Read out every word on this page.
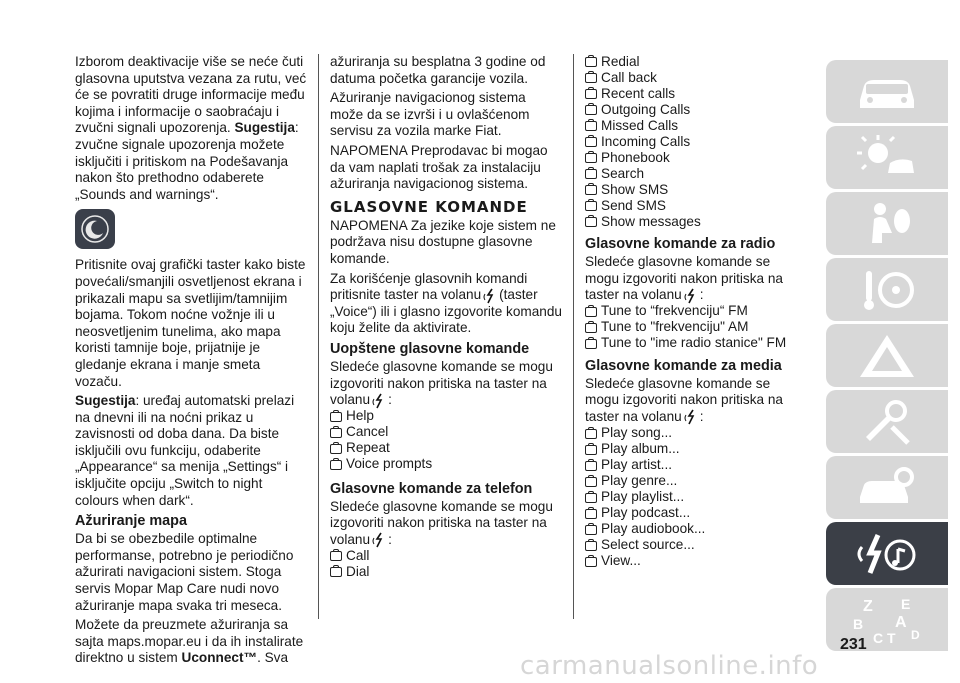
Izborom deaktivacije više se neće čuti glasovna uputstva vezana za rutu, već će se povratiti druge informacije među kojima i informacije o saobraćaju i zvučni signali upozorenja. Sugestija: zvučne signale upozorenja možete isključiti i pritiskom na Podešavanja nakon što prethodno odaberete „Sounds and warnings“.

Pritisnite ovaj grafički taster kako biste povećali/smanjili osvetljenost ekrana i prikazali mapu sa svetlijim/tamnijim bojama. Tokom noćne vožnje ili u neosvetljenim tunelima, ako mapa koristi tamnije boje, prijatnije je gledanje ekrana i manje smeta vozaču.

Sugestija: uređaj automatski prelazi na dnevni ili na noćni prikaz u zavisnosti od doba dana. Da biste isključili ovu funkciju, odaberite „Appearance“ sa menija „Settings“ i isključite opciju „Switch to night colours when dark“.

Ažuriranje mapa

Da bi se obezbedile optimalne performanse, potrebno je periodično ažurirati navigacioni sistem. Stoga servis Mopar Map Care nudi novo ažuriranje mapa svaka tri meseca.

Možete da preuzmete ažuriranja sa sajta maps.mopar.eu i da ih instalirate direktno u sistem Uconnect™. Sva

ažuriranja su besplatna 3 godine od datuma početka garancije vozila.

Ažuriranje navigacionog sistema može da se izvrši i u ovlašćenom servisu za vozila marke Fiat.

NAPOMENA Preprodavac bi mogao da vam naplati trošak za instalaciju ažuriranja navigacionog sistema.

GLASOVNE KOMANDE

NAPOMENA Za jezike koje sistem ne podržava nisu dostupne glasovne komande.

Za korišćenje glasovnih komandi pritisnite taster na volanu (taster „Voice“) ili i glasno izgovorite komandu koju želite da aktivirate.

Uopštene glasovne komande

Sledeće glasovne komande se mogu izgovoriti nakon pritiska na taster na volanu :

Help
Cancel
Repeat
Voice prompts
Glasovne komande za telefon

Sledeće glasovne komande se mogu izgovoriti nakon pritiska na taster na volanu :

Call
Dial
Redial
Call back
Recent calls
Outgoing Calls
Missed Calls
Incoming Calls
Phonebook
Search
Show SMS
Send SMS
Show messages
Glasovne komande za radio

Sledeće glasovne komande se mogu izgovoriti nakon pritiska na taster na volanu :

Tune to “frekvenciju“ FM
Tune to "frekvenciju" AM
Tune to "ime radio stanice" FM
Glasovne komande za media

Sledeće glasovne komande se mogu izgovoriti nakon pritiska na taster na volanu :

Play song...
Play album...
Play artist...
Play genre...
Play playlist...
Play podcast...
Play audiobook...
Select source...
View...
Z E
B A
C T D
231
carmanualsonline.info
